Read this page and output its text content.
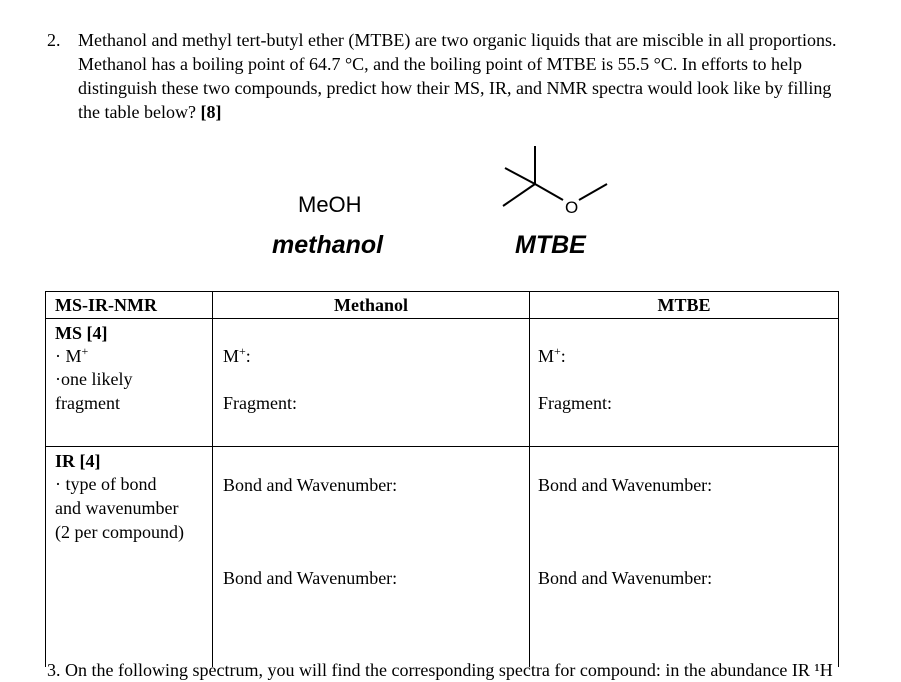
2. Methanol and methyl tert-butyl ether (MTBE) are two organic liquids that are miscible in all proportions. Methanol has a boiling point of 64.7 °C, and the boiling point of MTBE is 55.5 °C. In efforts to help distinguish these two compounds, predict how their MS, IR, and NMR spectra would look like by filling the table below? [8]
MeOH
methanol
O
MTBE
MS-IR-NMR	Methanol	MTBE
MS [4]
· M+
·one likely
fragment
M+:
Fragment:
M+:
Fragment:
IR [4]
· type of bond
and wavenumber
(2 per compound)
Bond and Wavenumber:
Bond and Wavenumber:
Bond and Wavenumber:
Bond and Wavenumber:
3. On the following spectrum, you will find the corresponding spectra for compound: in the abundance IR ¹H
